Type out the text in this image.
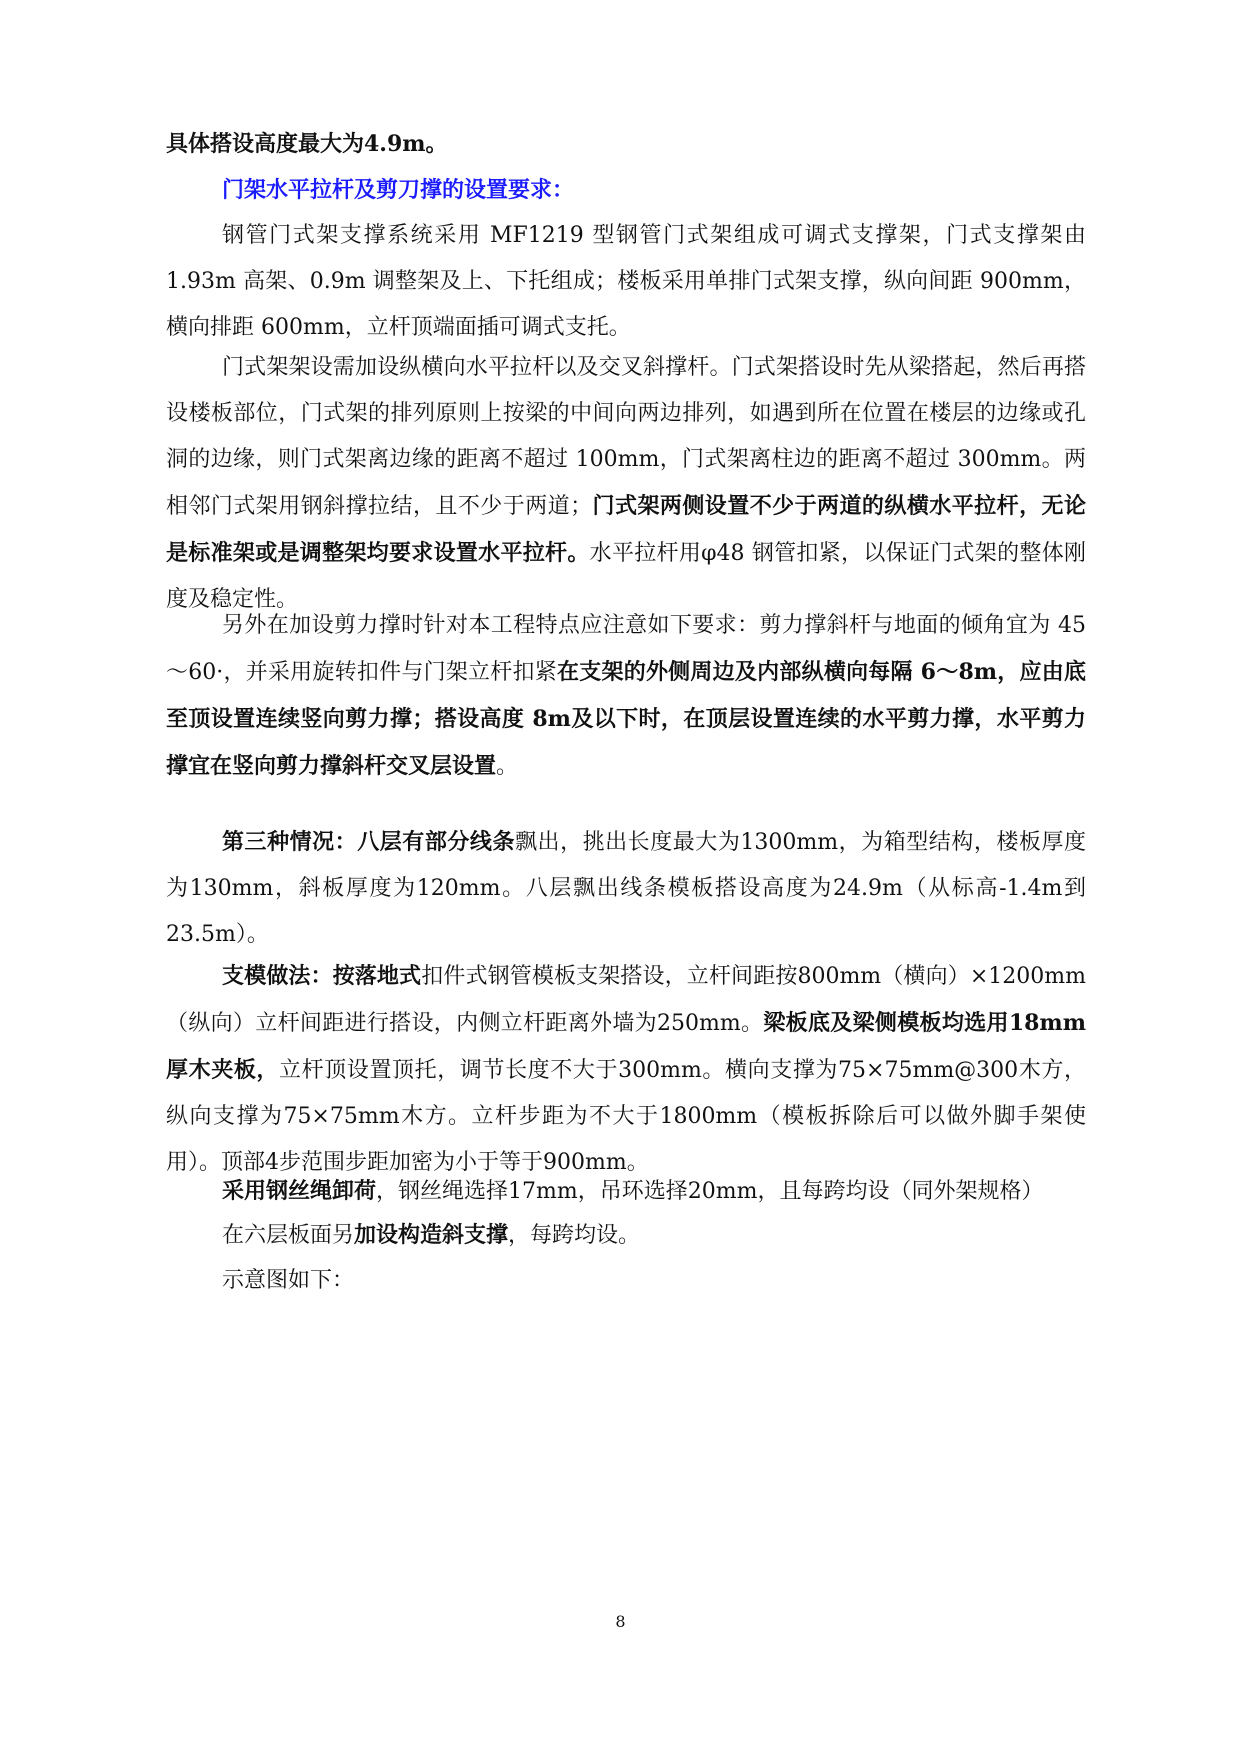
具体搭设高度最大为4.9m。

门架水平拉杆及剪刀撑的设置要求：

钢管门式架支撑系统采用 MF1219 型钢管门式架组成可调式支撑架，门式支撑架由 1.93m 高架、0.9m 调整架及上、下托组成；楼板采用单排门式架支撑，纵向间距 900mm，横向排距 600mm，立杆顶端面插可调式支托。

门式架架设需加设纵横向水平拉杆以及交叉斜撑杆。门式架搭设时先从梁搭起，然后再搭设楼板部位，门式架的排列原则上按梁的中间向两边排列，如遇到所在位置在楼层的边缘或孔洞的边缘，则门式架离边缘的距离不超过 100mm，门式架离柱边的距离不超过 300mm。两相邻门式架用钢斜撑拉结，且不少于两道；门式架两侧设置不少于两道的纵横水平拉杆，无论是标准架或是调整架均要求设置水平拉杆。水平拉杆用φ48 钢管扣紧，以保证门式架的整体刚度及稳定性。

另外在加设剪力撑时针对本工程特点应注意如下要求：剪力撑斜杆与地面的倾角宜为 45～60·，并采用旋转扣件与门架立杆扣紧在支架的外侧周边及内部纵横向每隔 6～8m，应由底至顶设置连续竖向剪力撑；搭设高度 8m及以下时，在顶层设置连续的水平剪力撑，水平剪力撑宜在竖向剪力撑斜杆交叉层设置。

第三种情况：八层有部分线条飘出，挑出长度最大为1300mm，为箱型结构，楼板厚度为130mm，斜板厚度为120mm。八层飘出线条模板搭设高度为24.9m（从标高-1.4m到23.5m）。

支模做法：按落地式扣件式钢管模板支架搭设，立杆间距按800mm（横向）×1200mm（纵向）立杆间距进行搭设，内侧立杆距离外墙为250mm。梁板底及梁侧模板均选用18mm厚木夹板，立杆顶设置顶托，调节长度不大于300mm。横向支撑为75×75mm@300木方，纵向支撑为75×75mm木方。立杆步距为不大于1800mm（模板拆除后可以做外脚手架使用）。顶部4步范围步距加密为小于等于900mm。

采用钢丝绳卸荷，钢丝绳选择17mm，吊环选择20mm，且每跨均设（同外架规格）

在六层板面另加设构造斜支撑，每跨均设。

示意图如下：

8
